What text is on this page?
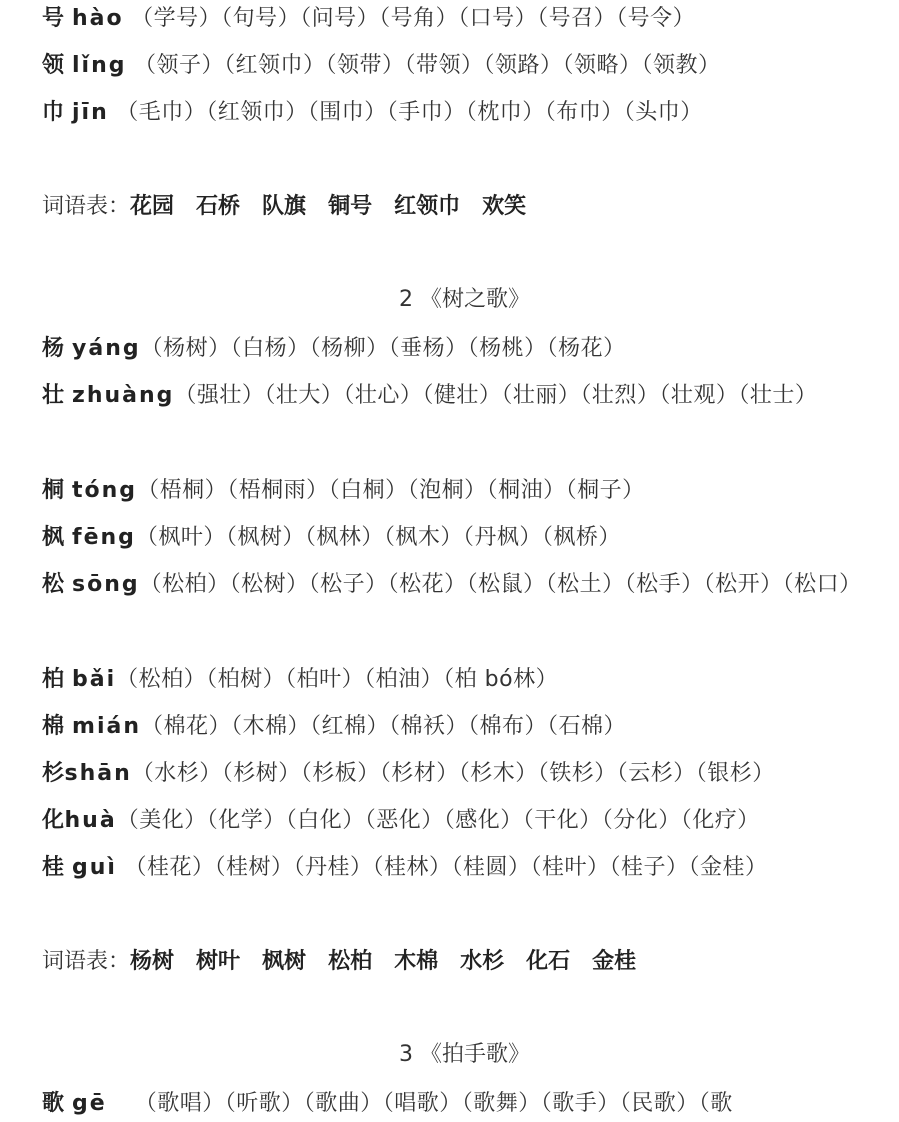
号 hào （学号）（句号）（问号）（号角）（口号）（号召）（号令）
领 lǐng （领子）（红领巾）（领带）（带领）（领路）（领略）（领教）
巾 jīn （毛巾）（红领巾）（围巾）（手巾）（枕巾）（布巾）（头巾）
词语表：花园 石桥 队旗 铜号 红领巾 欢笑
2 《树之歌》
杨 yáng（杨树）（白杨）（杨柳）（垂杨）（杨桃）（杨花）
壮 zhuàng（强壮）（壮大）（壮心）（健壮）（壮丽）（壮烈）（壮观）（壮士）
桐 tóng（梧桐）（梧桐雨）（白桐）（泡桐）（桐油）（桐子）
枫 fēng（枫叶）（枫树）（枫林）（枫木）（丹枫）（枫桥）
松 sōng（松柏）（松树）（松子）（松花）（松鼠）（松土）（松手）（松开）（松口）
柏 bǎi（松柏）（柏树）（柏叶）（柏油）（柏 bó林）
棉 mián（棉花）（木棉）（红棉）（棉袄）（棉布）（石棉）
杉shān（水杉）（杉树）（杉板）（杉材）（杉木）（铁杉）（云杉）（银杉）
化huà（美化）（化学）（白化）（恶化）（感化）（干化）（分化）（化疗）
桂 guì （桂花）（桂树）（丹桂）（桂林）（桂圆）（桂叶）（桂子）（金桂）
词语表：杨树 树叶 枫树 松柏 木棉 水杉 化石 金桂
3 《拍手歌》
歌 gē （歌唱）（听歌）（歌曲）（唱歌）（歌舞）（歌手）（民歌）（歌
